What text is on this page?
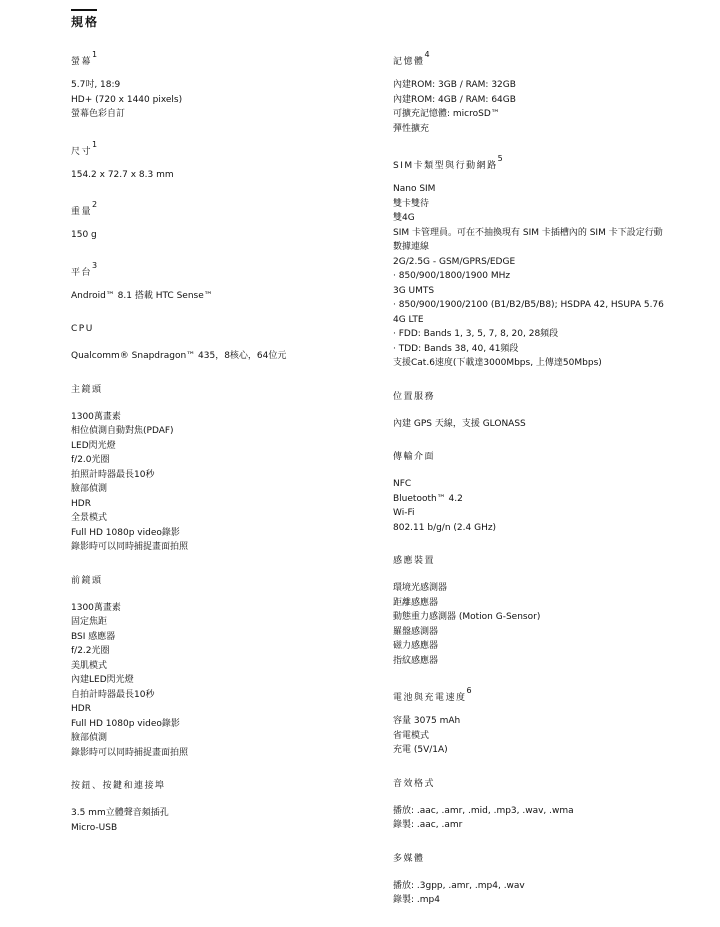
規格
螢幕$^1$
5.7吋, 18:9
HD+ (720 x 1440 pixels)
螢幕色彩自訂
尺寸$^1$
154.2 x 72.7 x 8.3 mm
重量$^2$
150 g
平台$^3$
Android™ 8.1 搭載 HTC Sense™
CPU
Qualcomm® Snapdragon™ 435，8核心，64位元
主鏡頭
1300萬畫素
相位偵測自動對焦(PDAF)
LED閃光燈
f/2.0光圈
拍照計時器最長10秒
臉部偵測
HDR
全景模式
Full HD 1080p video錄影
錄影時可以同時捕捉畫面拍照
前鏡頭
1300萬畫素
固定焦距
BSI 感應器
f/2.2光圈
美肌模式
內建LED閃光燈
自拍計時器最長10秒
HDR
Full HD 1080p video錄影
臉部偵測
錄影時可以同時捕捉畫面拍照
按鈕、按鍵和連接埠
3.5 mm立體聲音頻插孔
Micro-USB
記憶體$^4$
內建ROM: 3GB / RAM: 32GB
內建ROM: 4GB / RAM: 64GB
可擴充記憶體: microSD™
彈性擴充
SIM卡類型與行動網路$^5$
Nano SIM
雙卡雙待
雙4G
SIM 卡管理員。可在不抽換現有 SIM 卡插槽內的 SIM 卡下設定行動
數據連線
2G/2.5G - GSM/GPRS/EDGE
· 850/900/1800/1900 MHz
3G UMTS
· 850/900/1900/2100 (B1/B2/B5/B8); HSDPA 42, HSUPA 5.76
4G LTE
· FDD: Bands 1, 3, 5, 7, 8, 20, 28頻段
· TDD: Bands 38, 40, 41頻段
支援Cat.6速度(下載達3000Mbps, 上傳達50Mbps)
位置服務
內建 GPS 天線，支援 GLONASS
傳輸介面
NFC
Bluetooth™ 4.2
Wi-Fi
802.11 b/g/n (2.4 GHz)
感應裝置
環境光感測器
距離感應器
動態重力感測器 (Motion G-Sensor)
羅盤感測器
磁力感應器
指紋感應器
電池與充電速度$^6$
容量 3075 mAh
省電模式
充電 (5V/1A)
音效格式
播放: .aac, .amr, .mid, .mp3, .wav, .wma
錄製: .aac, .amr
多媒體
播放: .3gpp, .amr, .mp4, .wav
錄製: .mp4
